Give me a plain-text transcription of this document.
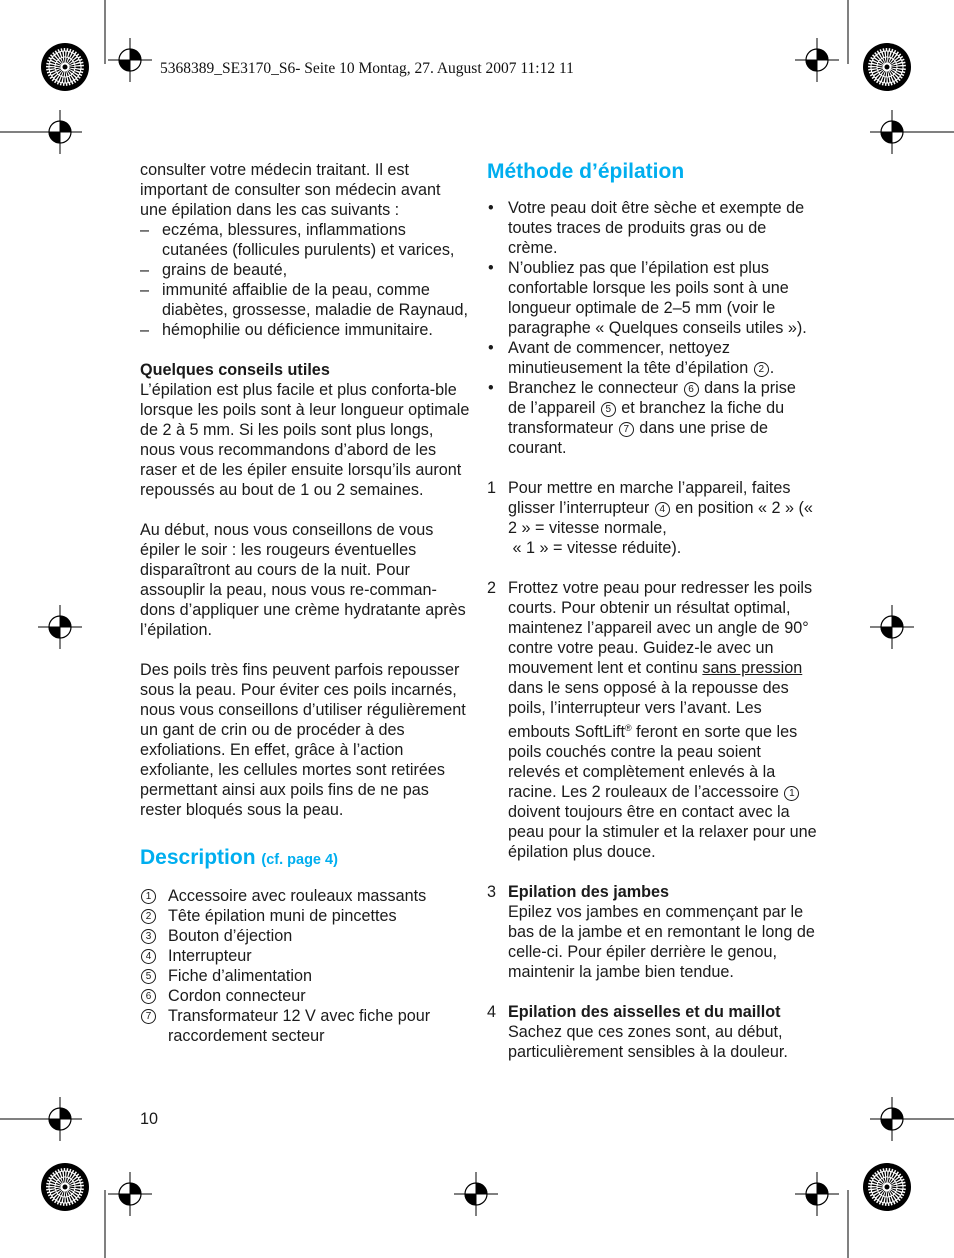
5368389_SE3170_S6- Seite 10 Montag, 27. August 2007 11:12 11

consulter votre médecin traitant. Il est important de consulter son médecin avant une épilation dans les cas suivants :

– eczéma, blessures, inflammations cutanées (follicules purulents) et varices,
– grains de beauté,
– immunité affaiblie de la peau, comme diabètes, grossesse, maladie de Raynaud,
– hémophilie ou déficience immunitaire.

Quelques conseils utiles

L’épilation est plus facile et plus conforta-ble lorsque les poils sont à leur longueur optimale de 2 à 5 mm. Si les poils sont plus longs, nous vous recommandons d’abord de les raser et de les épiler ensuite lorsqu’ils auront repoussés au bout de 1 ou 2 semaines.

Au début, nous vous conseillons de vous épiler le soir : les rougeurs éventuelles disparaîtront au cours de la nuit. Pour assouplir la peau, nous vous re-comman-dons d’appliquer une crème hydratante après l’épilation.

Des poils très fins peuvent parfois repousser sous la peau. Pour éviter ces poils incarnés, nous vous conseillons d’utiliser régulièrement un gant de crin ou de procéder à des exfoliations. En effet, grâce à l’action exfoliante, les cellules mortes sont retirées permettant ainsi aux poils fins de ne pas rester bloqués sous la peau.

Description (cf. page 4)
1 Accessoire avec rouleaux massants
2 Tête épilation muni de pincettes
3 Bouton d’éjection
4 Interrupteur
5 Fiche d’alimentation
6 Cordon connecteur
7 Transformateur 12 V avec fiche pour raccordement secteur
Méthode d’épilation
• Votre peau doit être sèche et exempte de toutes traces de produits gras ou de crème.
• N’oubliez pas que l’épilation est plus confortable lorsque les poils sont à une longueur optimale de 2–5 mm (voir le paragraphe « Quelques conseils utiles »).
• Avant de commencer, nettoyez minutieusement la tête d’épilation 2 .
• Branchez le connecteur 6 dans la prise de l’appareil 5 et branchez la fiche du transformateur 7 dans une prise de courant.
1 Pour mettre en marche l’appareil, faites glisser l’interrupteur 4 en position « 2 » (« 2 » = vitesse normale,
« 1 » = vitesse réduite).
2 Frottez votre peau pour redresser les poils courts. Pour obtenir un résultat optimal, maintenez l’appareil avec un angle de 90° contre votre peau. Guidez-le avec un mouvement lent et continu sans pression dans le sens opposé à la repousse des poils, l’interrupteur vers l’avant. Les embouts SoftLift® feront en sorte que les poils couchés contre la peau soient relevés et complètement enlevés à la racine. Les 2 rouleaux de l’accessoire 1 doivent toujours être en contact avec la peau pour la stimuler et la relaxer pour une épilation plus douce.
3 Epilation des jambes
Epilez vos jambes en commençant par le bas de la jambe et en remontant le long de celle-ci. Pour épiler derrière le genou, maintenir la jambe bien tendue.
4 Epilation des aisselles et du maillot
Sachez que ces zones sont, au début, particulièrement sensibles à la douleur.
10
